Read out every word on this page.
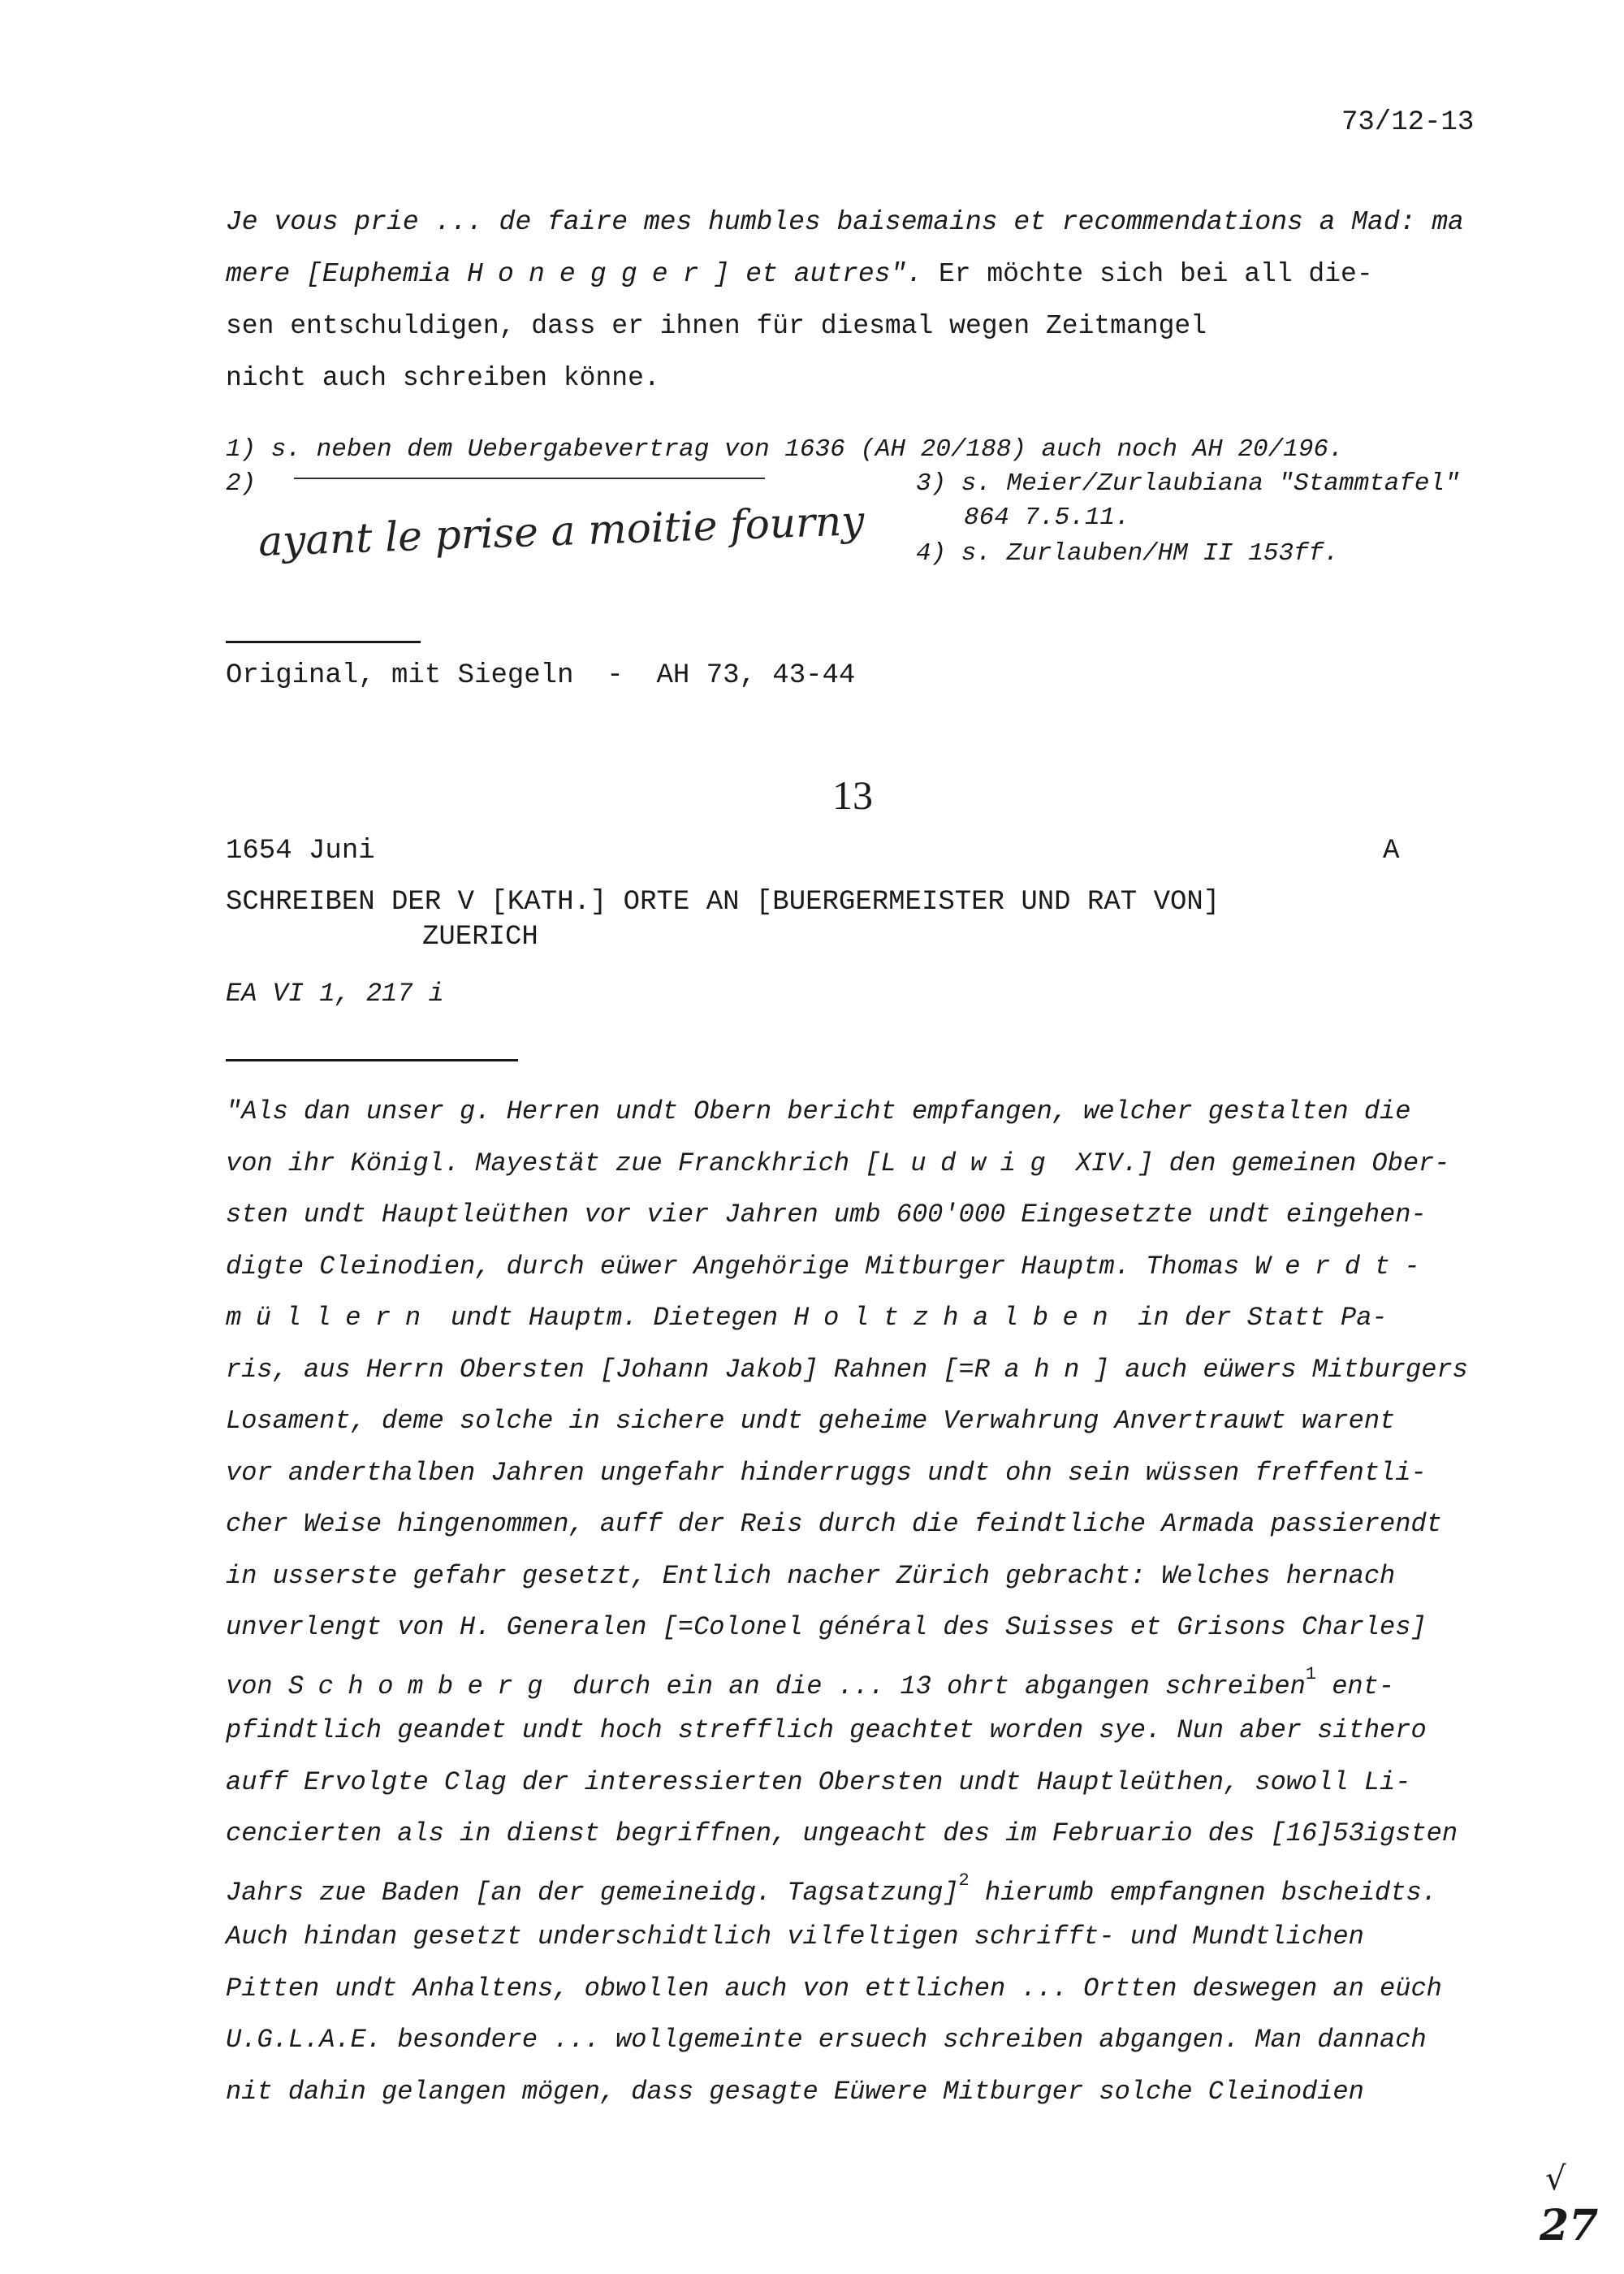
73/12-13
Je vous prie ... de faire mes humbles baisemains et recommendations a Mad: ma
mere [Euphemia Honegger] et autres". Er möchte sich bei all die-
sen entschuldigen, dass er ihnen für diesmal wegen Zeitmangel
nicht auch schreiben könne.
1) s. neben dem Uebergabevertrag von 1636 (AH 20/188) auch noch AH 20/196.
2)
ayant le prise a moitie fourny
3) s. Meier/Zurlaubiana "Stammtafel"
864 7.5.11.
4) s. Zurlauben/HM II 153ff.
Original, mit Siegeln  -  AH 73, 43-44
13
1654 Juni	A
SCHREIBEN DER V [KATH.] ORTE AN [BUERGERMEISTER UND RAT VON]
ZUERICH
EA VI 1, 217 i
"Als dan unser g. Herren undt Obern bericht empfangen, welcher gestalten die
von ihr Königl. Mayestät zue Franckhrich [Ludwig XIV.] den gemeinen Ober-
sten undt Hauptleüthen vor vier Jahren umb 600'000 Eingesetzte undt eingehen-
digte Cleinodien, durch eüwer Angehörige Mitburger Hauptm. Thomas Werdt-
müllern undt Hauptm. Dietegen Holtzhalben in der Statt Pa-
ris, aus Herrn Obersten [Johann Jakob] Rahnen [=Rahn] auch eüwers Mitburgers
Losament, deme solche in sichere undt geheime Verwahrung Anvertrauwt warent
vor anderthalben Jahren ungefahr hinderruggs undt ohn sein wüssen freffentli-
cher Weise hingenommen, auff der Reis durch die feindtliche Armada passierendt
in usserste gefahr gesetzt, Entlich nacher Zürich gebracht: Welches hernach
unverlengt von H. Generalen [=Colonel général des Suisses et Grisons Charles]
von Schomberg durch ein an die ... 13 ohrt abgangen schreiben$^1$ ent-
pfindtlich geandet undt hoch strefflich geachtet worden sye. Nun aber sithero
auff Ervolgte Clag der interessierten Obersten undt Hauptleüthen, sowoll Li-
cencierten als in dienst begriffnen, ungeacht des im Februario des [16]53igsten
Jahrs zue Baden [an der gemeineidg. Tagsatzung]$^2$ hierumb empfangnen bscheidts.
Auch hindan gesetzt underschidtlich vilfeltigen schrifft- und Mundtlichen
Pitten undt Anhaltens, obwollen auch von ettlichen ... Ortten deswegen an eüch
U.G.L.A.E. besondere ... wollgemeinte ersuech schreiben abgangen. Man dannach
nit dahin gelangen mögen, dass gesagte Eüwere Mitburger solche Cleinodien
√
27
